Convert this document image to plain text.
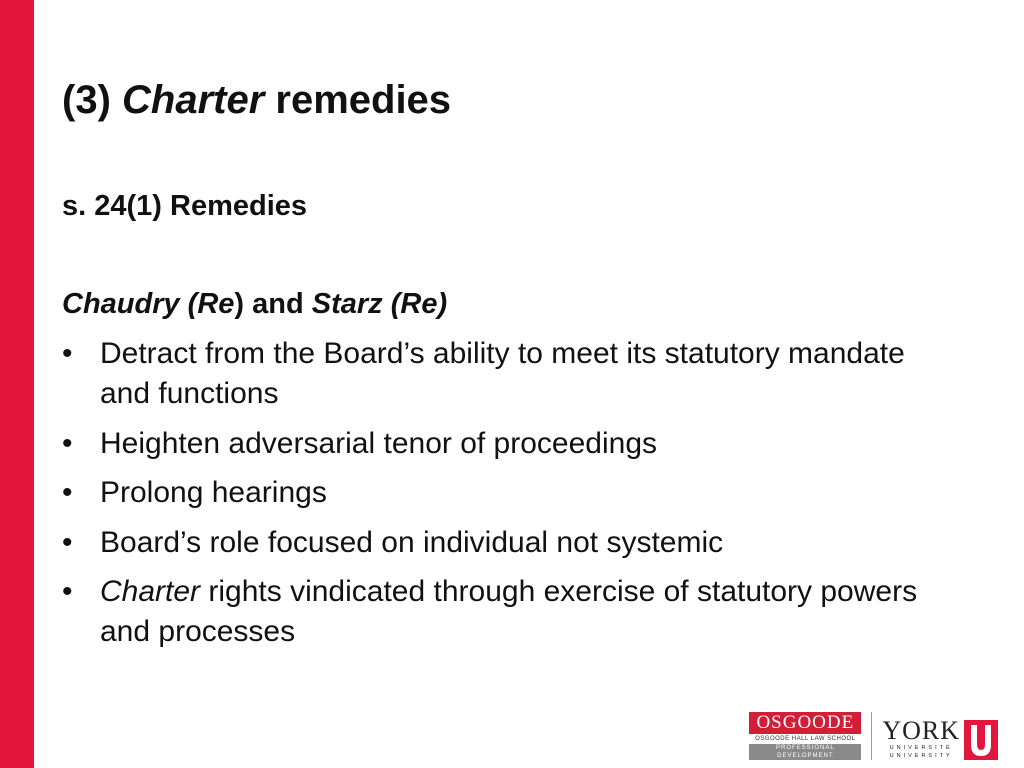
(3) Charter remedies
s. 24(1) Remedies
Chaudry (Re) and Starz (Re)
• Detract from the Board’s ability to meet its statutory mandate and functions
• Heighten adversarial tenor of proceedings
• Prolong hearings
• Board’s role focused on individual not systemic
• Charter rights vindicated through exercise of statutory powers and processes
OSGOODE
OSGOODE HALL LAW SCHOOL
PROFESSIONAL
DEVELOPMENT
YORK
UNIVERSITÉ
UNIVERSITY
